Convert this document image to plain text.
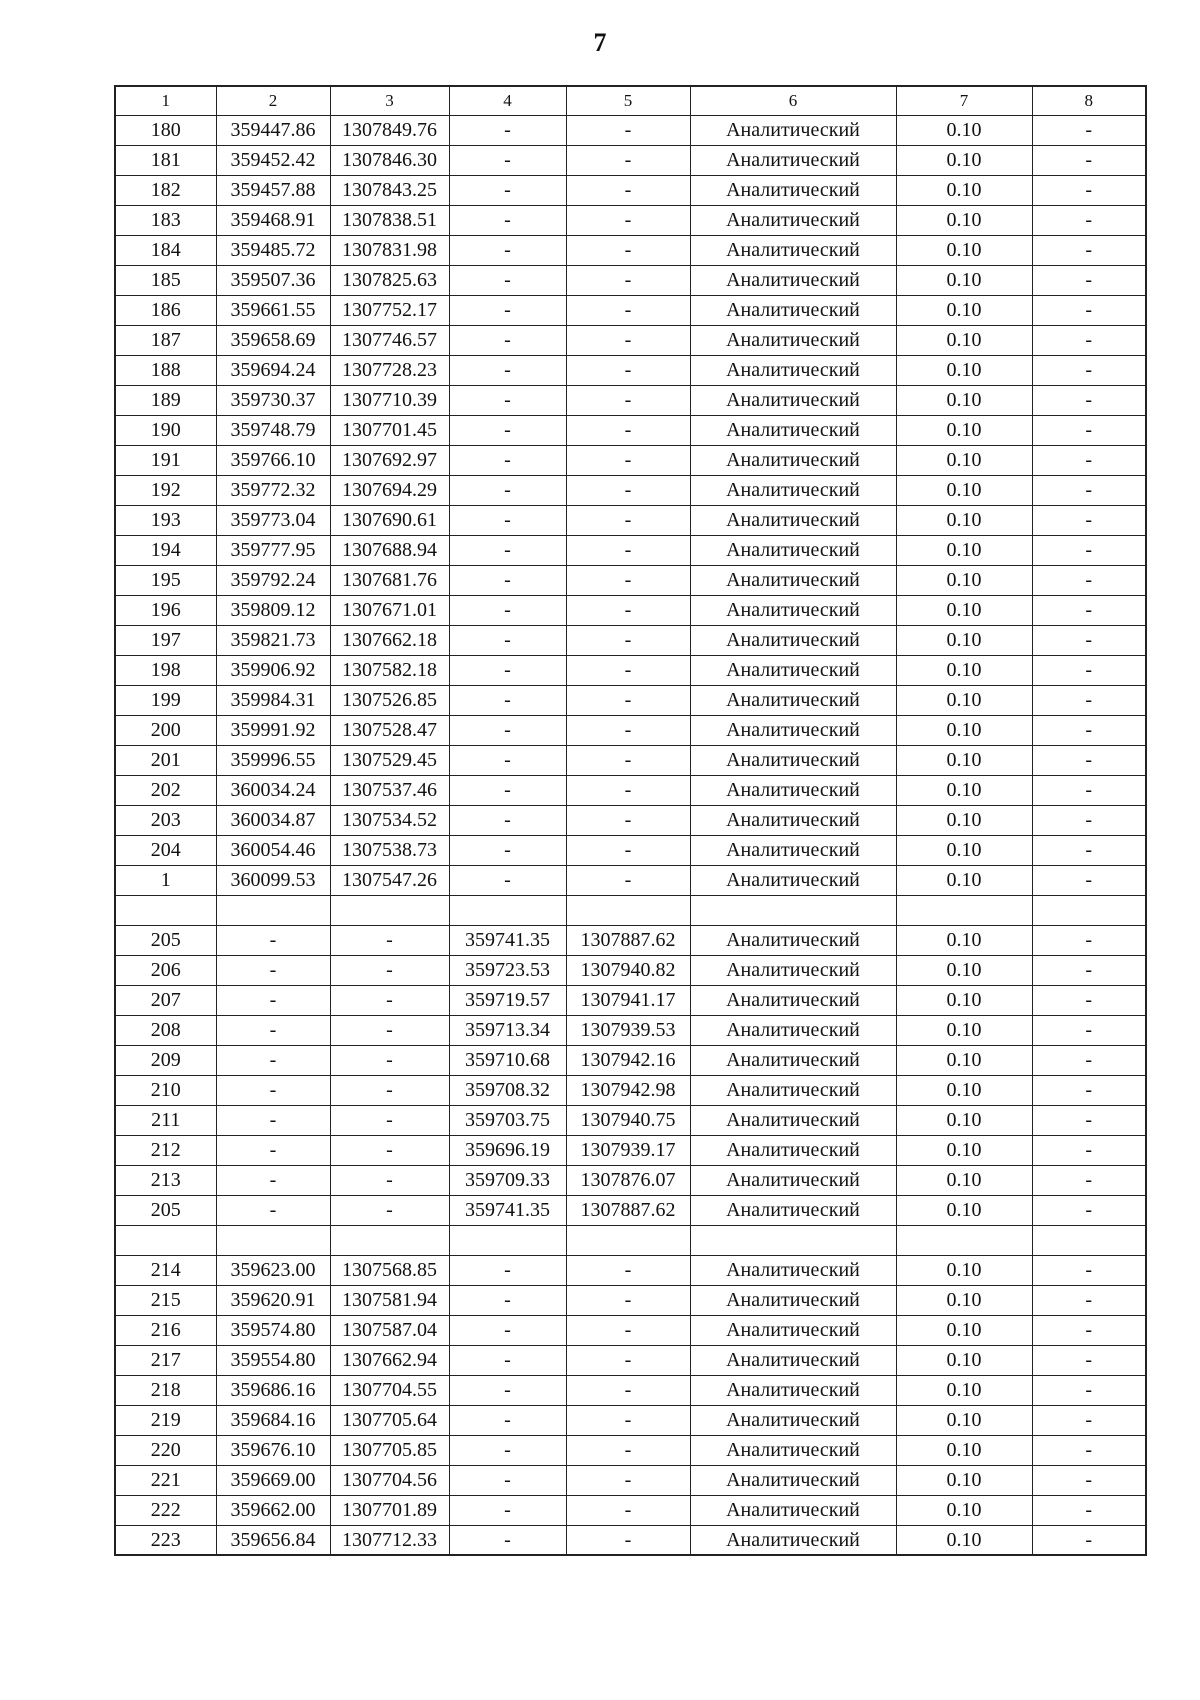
7
1	2	3	4	5	6	7	8
180	359447.86	1307849.76	-	-	Аналитический	0.10	-
181	359452.42	1307846.30	-	-	Аналитический	0.10	-
182	359457.88	1307843.25	-	-	Аналитический	0.10	-
183	359468.91	1307838.51	-	-	Аналитический	0.10	-
184	359485.72	1307831.98	-	-	Аналитический	0.10	-
185	359507.36	1307825.63	-	-	Аналитический	0.10	-
186	359661.55	1307752.17	-	-	Аналитический	0.10	-
187	359658.69	1307746.57	-	-	Аналитический	0.10	-
188	359694.24	1307728.23	-	-	Аналитический	0.10	-
189	359730.37	1307710.39	-	-	Аналитический	0.10	-
190	359748.79	1307701.45	-	-	Аналитический	0.10	-
191	359766.10	1307692.97	-	-	Аналитический	0.10	-
192	359772.32	1307694.29	-	-	Аналитический	0.10	-
193	359773.04	1307690.61	-	-	Аналитический	0.10	-
194	359777.95	1307688.94	-	-	Аналитический	0.10	-
195	359792.24	1307681.76	-	-	Аналитический	0.10	-
196	359809.12	1307671.01	-	-	Аналитический	0.10	-
197	359821.73	1307662.18	-	-	Аналитический	0.10	-
198	359906.92	1307582.18	-	-	Аналитический	0.10	-
199	359984.31	1307526.85	-	-	Аналитический	0.10	-
200	359991.92	1307528.47	-	-	Аналитический	0.10	-
201	359996.55	1307529.45	-	-	Аналитический	0.10	-
202	360034.24	1307537.46	-	-	Аналитический	0.10	-
203	360034.87	1307534.52	-	-	Аналитический	0.10	-
204	360054.46	1307538.73	-	-	Аналитический	0.10	-
1	360099.53	1307547.26	-	-	Аналитический	0.10	-

205	-	-	359741.35	1307887.62	Аналитический	0.10	-
206	-	-	359723.53	1307940.82	Аналитический	0.10	-
207	-	-	359719.57	1307941.17	Аналитический	0.10	-
208	-	-	359713.34	1307939.53	Аналитический	0.10	-
209	-	-	359710.68	1307942.16	Аналитический	0.10	-
210	-	-	359708.32	1307942.98	Аналитический	0.10	-
211	-	-	359703.75	1307940.75	Аналитический	0.10	-
212	-	-	359696.19	1307939.17	Аналитический	0.10	-
213	-	-	359709.33	1307876.07	Аналитический	0.10	-
205	-	-	359741.35	1307887.62	Аналитический	0.10	-

214	359623.00	1307568.85	-	-	Аналитический	0.10	-
215	359620.91	1307581.94	-	-	Аналитический	0.10	-
216	359574.80	1307587.04	-	-	Аналитический	0.10	-
217	359554.80	1307662.94	-	-	Аналитический	0.10	-
218	359686.16	1307704.55	-	-	Аналитический	0.10	-
219	359684.16	1307705.64	-	-	Аналитический	0.10	-
220	359676.10	1307705.85	-	-	Аналитический	0.10	-
221	359669.00	1307704.56	-	-	Аналитический	0.10	-
222	359662.00	1307701.89	-	-	Аналитический	0.10	-
223	359656.84	1307712.33	-	-	Аналитический	0.10	-
